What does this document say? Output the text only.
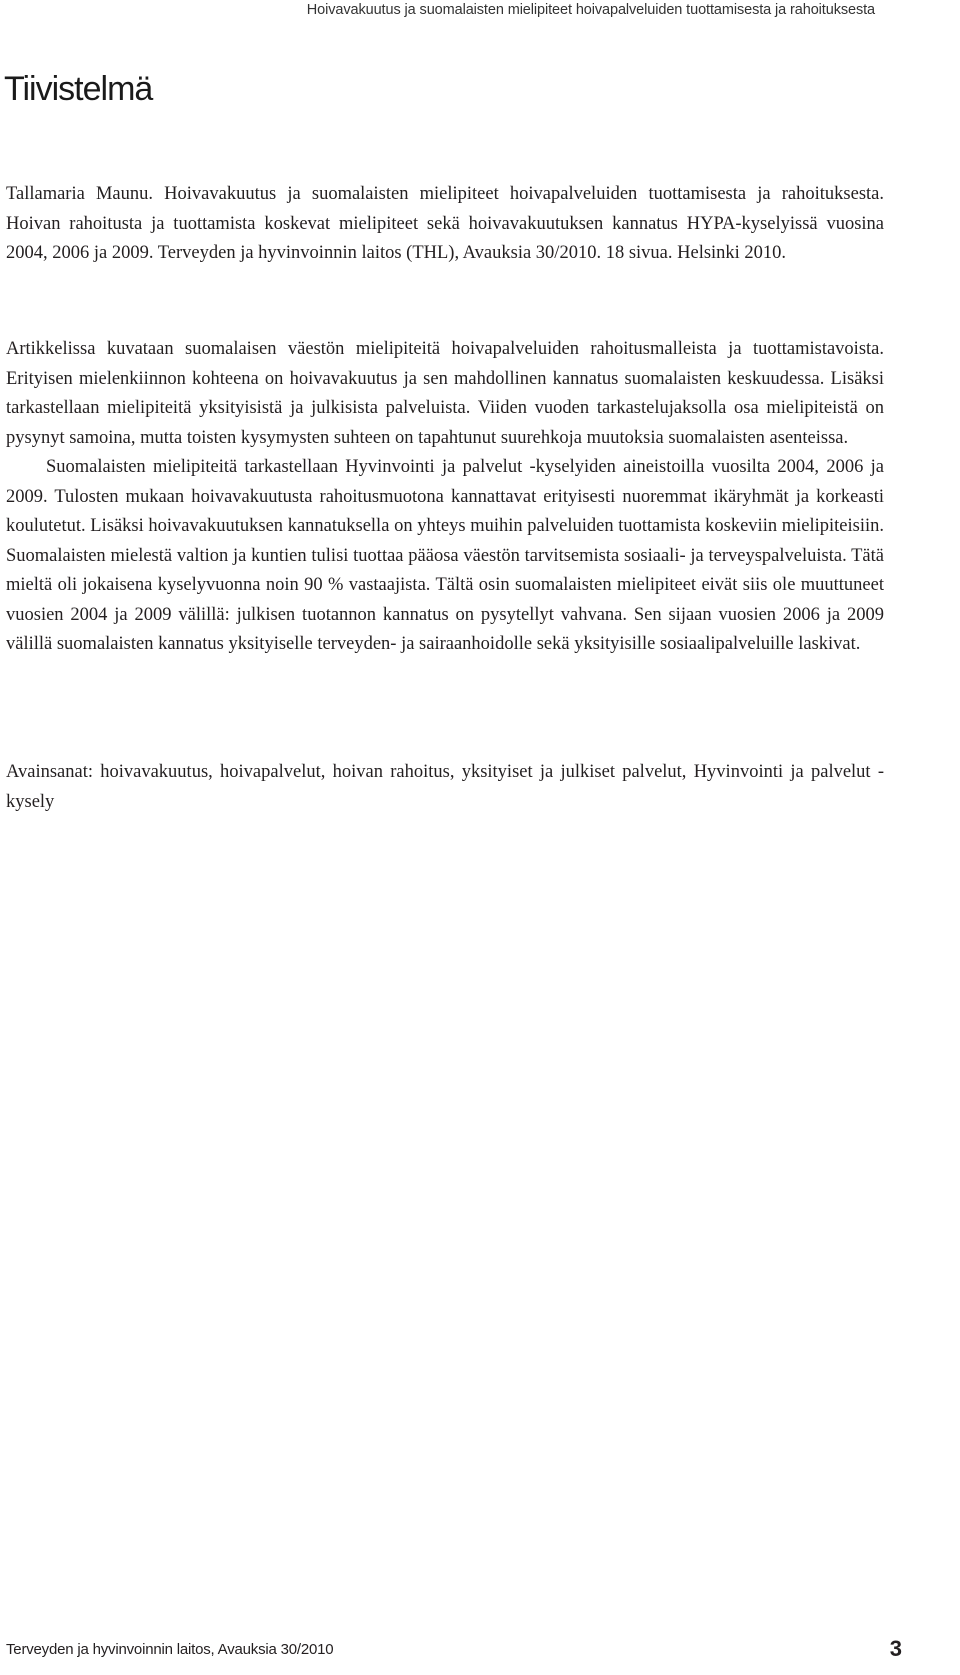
Hoivavakuutus ja suomalaisten mielipiteet hoivapalveluiden tuottamisesta ja rahoituksesta
Tiivistelmä

Tallamaria Maunu. Hoivavakuutus ja suomalaisten mielipiteet hoivapalveluiden tuottamisesta ja rahoituksesta. Hoivan rahoitusta ja tuottamista koskevat mielipiteet sekä hoivavakuutuksen kannatus HYPA-kyselyissä vuosina 2004, 2006 ja 2009. Terveyden ja hyvinvoinnin laitos (THL), Avauksia 30/2010. 18 sivua. Helsinki 2010.

Artikkelissa kuvataan suomalaisen väestön mielipiteitä hoivapalveluiden rahoitusmalleista ja tuottamistavoista. Erityisen mielenkiinnon kohteena on hoivavakuutus ja sen mahdollinen kannatus suomalaisten keskuudessa. Lisäksi tarkastellaan mielipiteitä yksityisistä ja julkisista palveluista. Viiden vuoden tarkastelujaksolla osa mielipiteistä on pysynyt samoina, mutta toisten kysymysten suhteen on tapahtunut suurehkoja muutoksia suomalaisten asenteissa.

Suomalaisten mielipiteitä tarkastellaan Hyvinvointi ja palvelut -kyselyiden aineistoilla vuosilta 2004, 2006 ja 2009. Tulosten mukaan hoivavakuutusta rahoitusmuotona kannattavat erityisesti nuoremmat ikäryhmät ja korkeasti koulutetut. Lisäksi hoivavakuutuksen kannatuksella on yhteys muihin palveluiden tuottamista koskeviin mielipiteisiin. Suomalaisten mielestä valtion ja kuntien tulisi tuottaa pääosa väestön tarvitsemista sosiaali- ja terveyspalveluista. Tätä mieltä oli jokaisena kyselyvuonna noin 90 % vastaajista. Tältä osin suomalaisten mielipiteet eivät siis ole muuttuneet vuosien 2004 ja 2009 välillä: julkisen tuotannon kannatus on pysytellyt vahvana. Sen sijaan vuosien 2006 ja 2009 välillä suomalaisten kannatus yksityiselle terveyden- ja sairaanhoidolle sekä yksityisille sosiaalipalveluille laskivat.

Avainsanat: hoivavakuutus, hoivapalvelut, hoivan rahoitus, yksityiset ja julkiset palvelut, Hyvinvointi ja palvelut -kysely

Terveyden ja hyvinvoinnin laitos, Avauksia 30/2010	3
